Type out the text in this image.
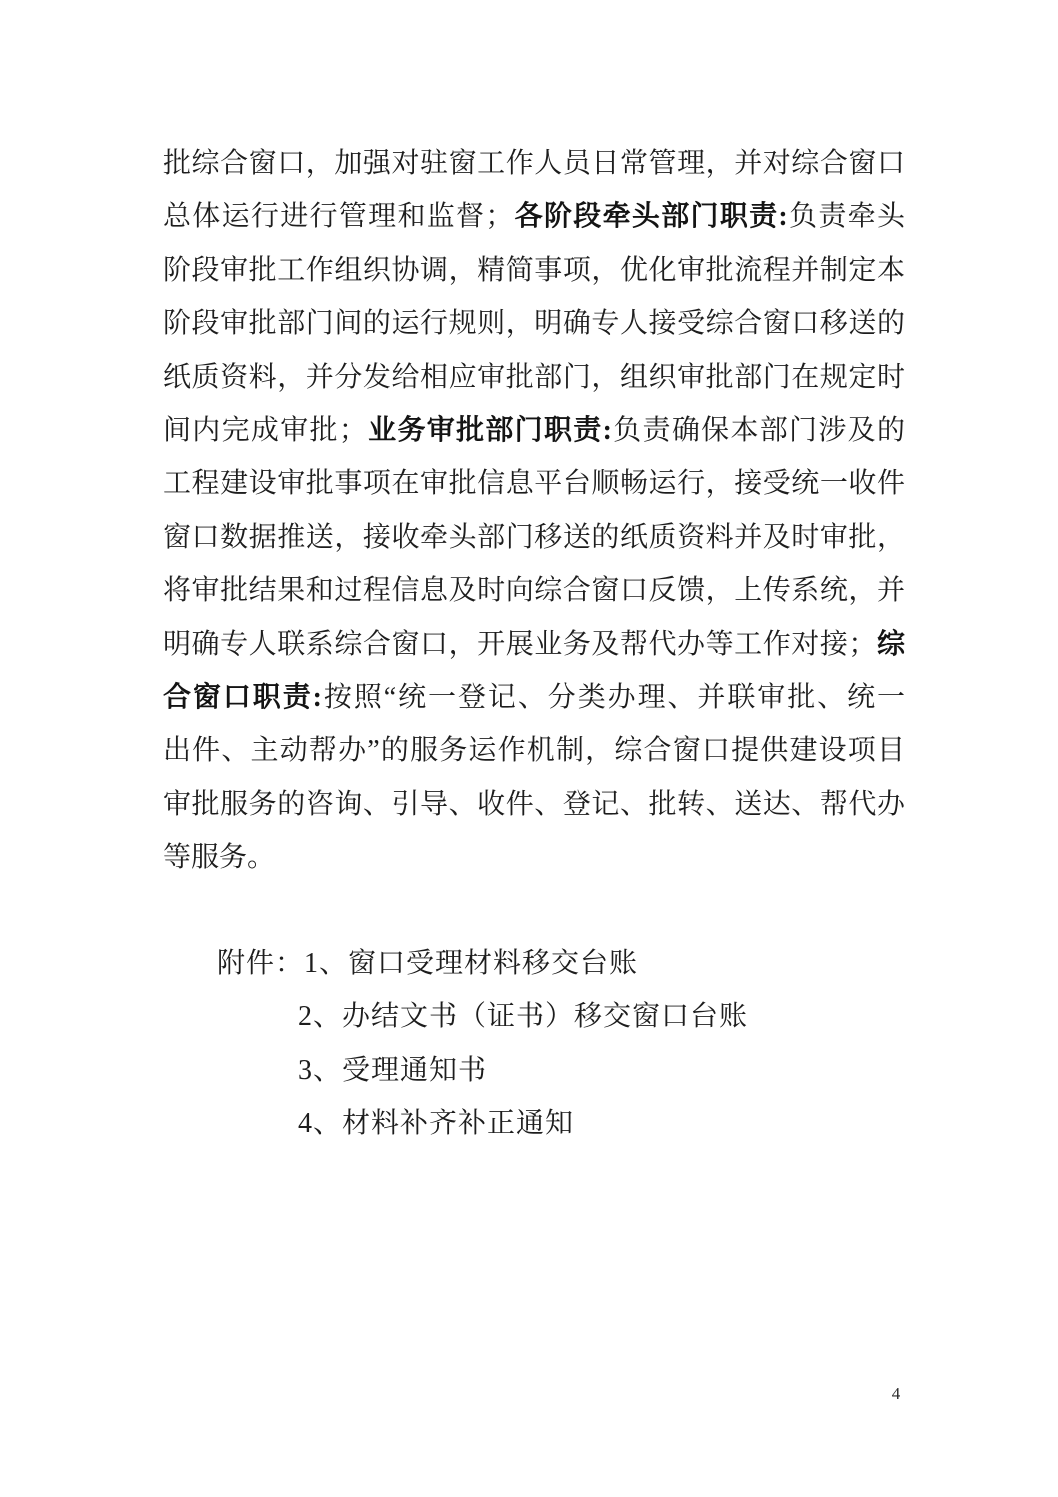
批综合窗口，加强对驻窗工作人员日常管理，并对综合窗口
总体运行进行管理和监督；各阶段牵头部门职责:负责牵头
阶段审批工作组织协调，精简事项，优化审批流程并制定本
阶段审批部门间的运行规则，明确专人接受综合窗口移送的
纸质资料，并分发给相应审批部门，组织审批部门在规定时
间内完成审批；业务审批部门职责:负责确保本部门涉及的
工程建设审批事项在审批信息平台顺畅运行，接受统一收件
窗口数据推送，接收牵头部门移送的纸质资料并及时审批，
将审批结果和过程信息及时向综合窗口反馈，上传系统，并
明确专人联系综合窗口，开展业务及帮代办等工作对接；综
合窗口职责:按照“统一登记、分类办理、并联审批、统一
出件、主动帮办”的服务运作机制，综合窗口提供建设项目
审批服务的咨询、引导、收件、登记、批转、送达、帮代办
等服务。
附件：1、窗口受理材料移交台账
2、办结文书（证书）移交窗口台账
3、受理通知书
4、材料补齐补正通知
4
